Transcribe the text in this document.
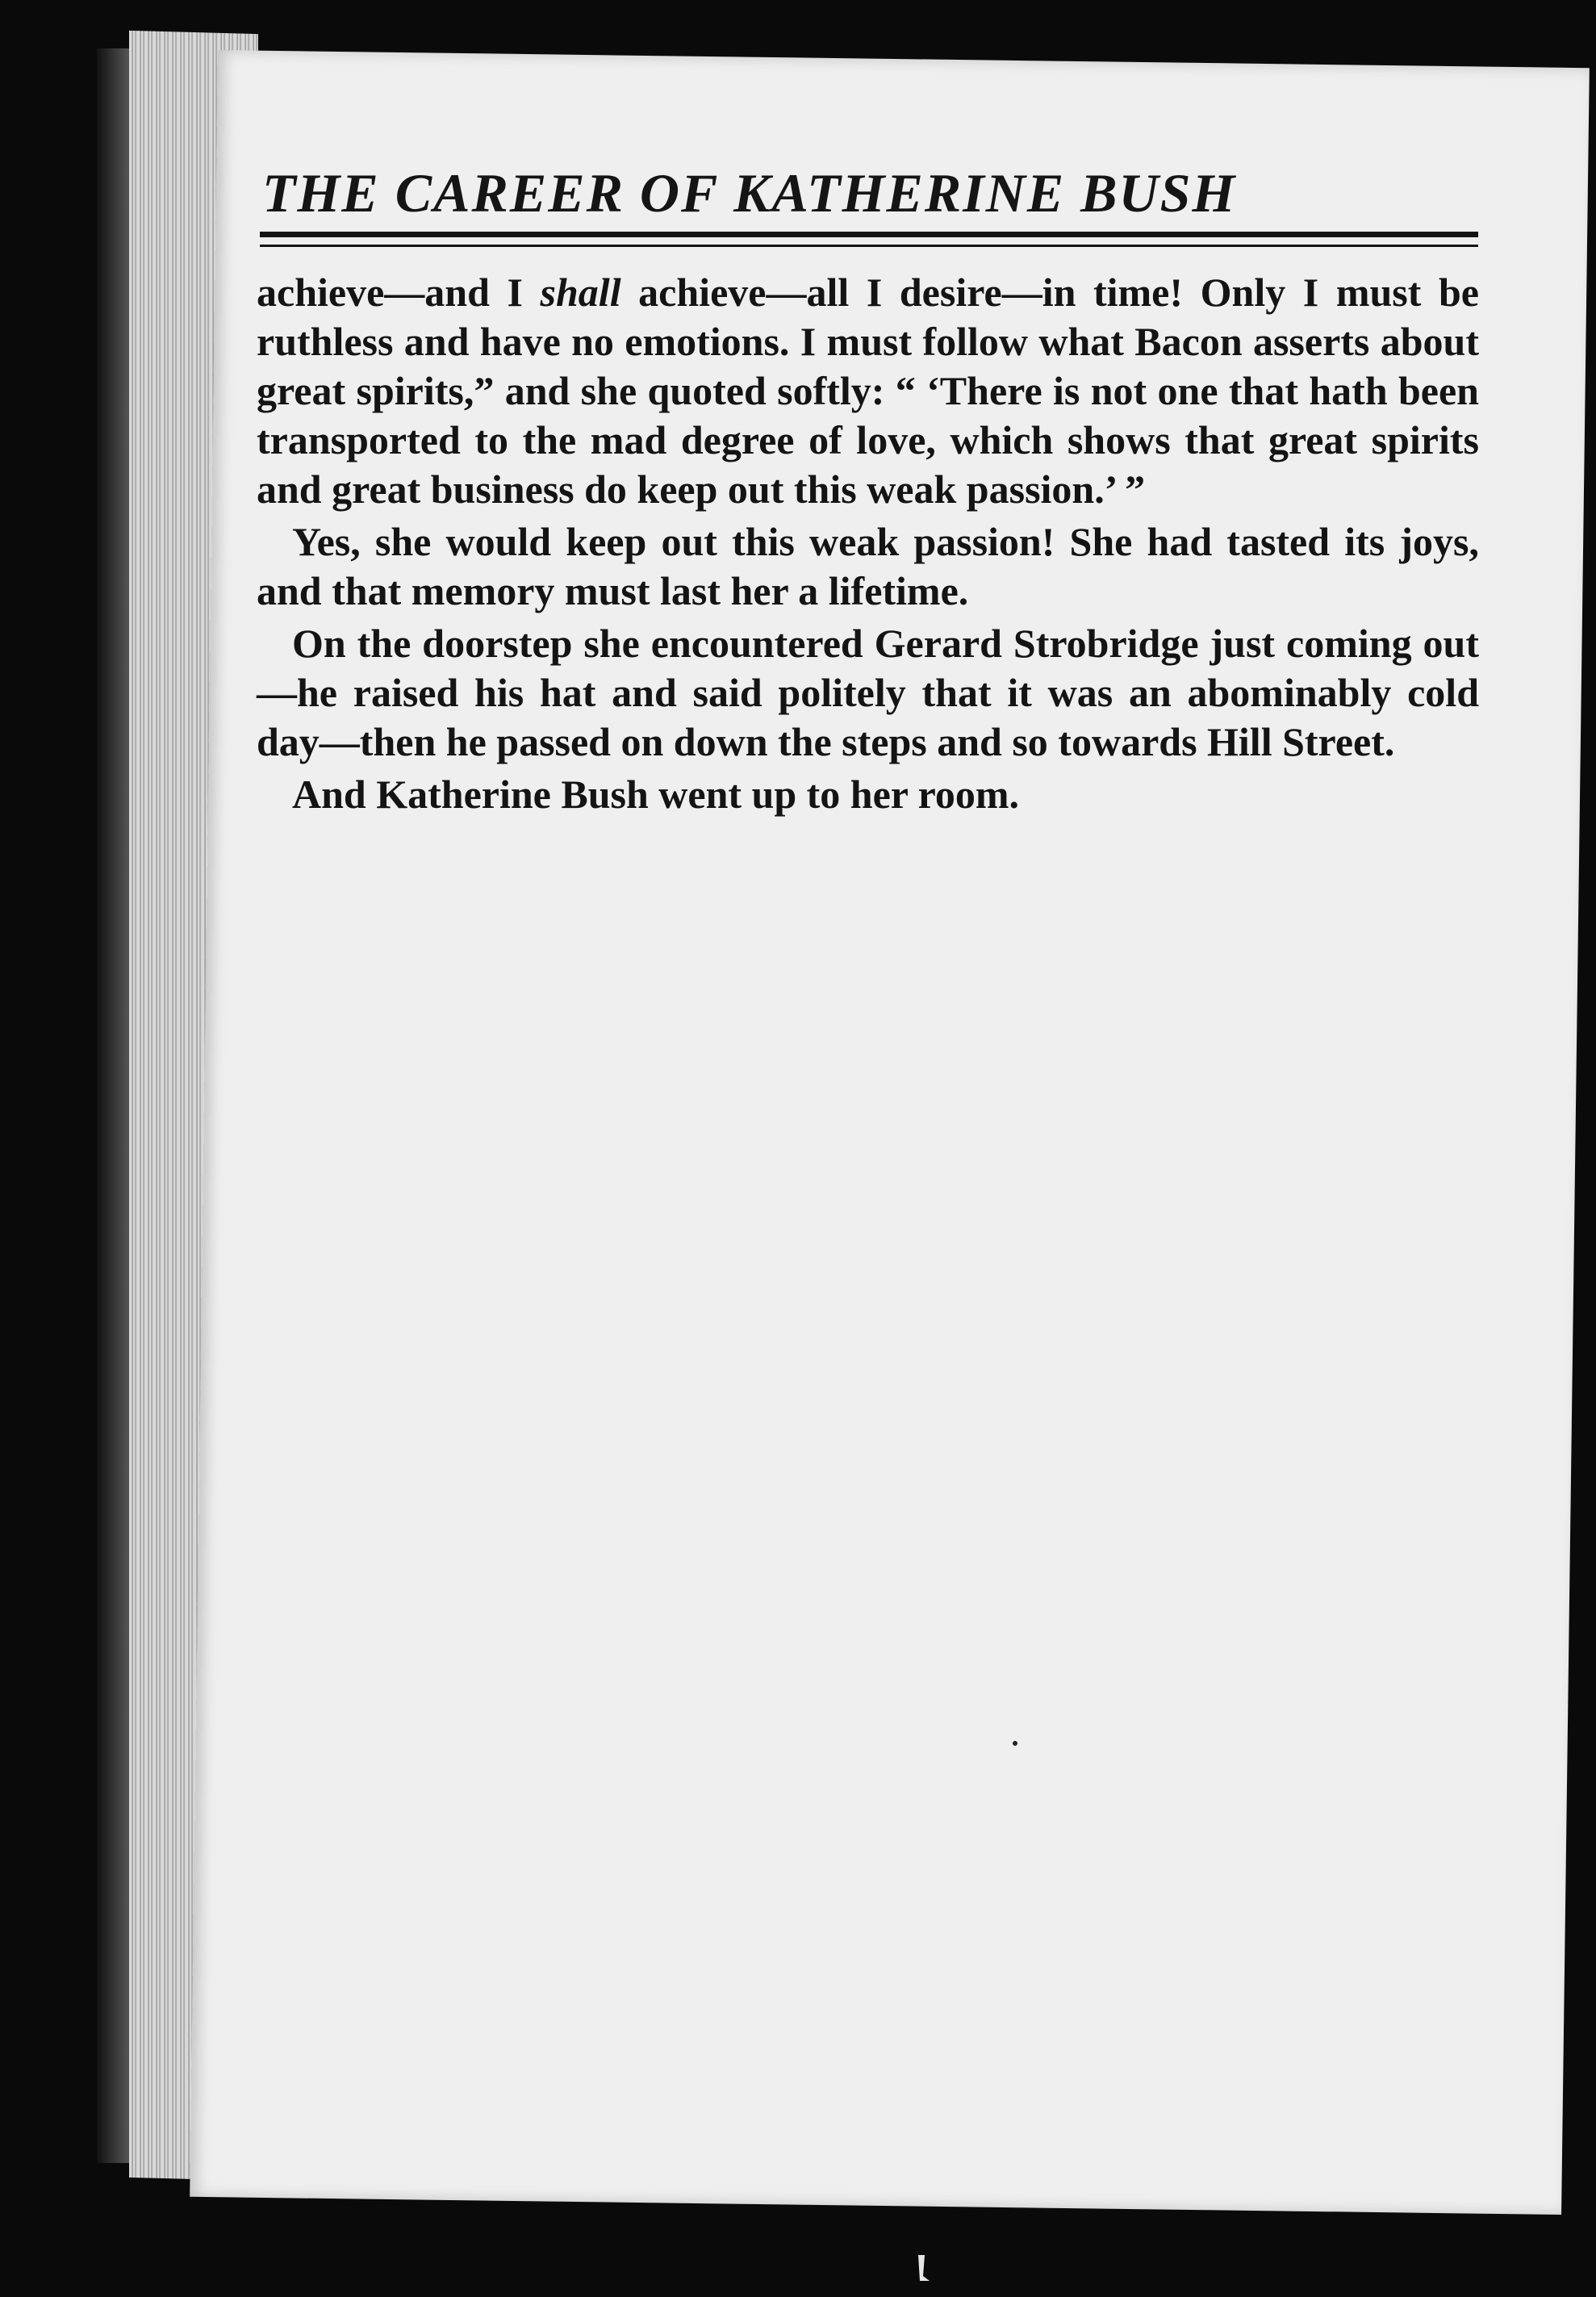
THE CAREER OF KATHERINE BUSH

achieve—and I shall achieve—all I desire—in time! Only I must be ruthless and have no emotions. I must follow what Bacon asserts about great spirits,” and she quoted softly: “ ‘There is not one that hath been transported to the mad degree of love, which shows that great spirits and great business do keep out this weak passion.’ ”

Yes, she would keep out this weak passion! She had tasted its joys, and that memory must last her a lifetime.

On the doorstep she encountered Gerard Strobridge just coming out—he raised his hat and said politely that it was an abominably cold day—then he passed on down the steps and so towards Hill Street.

And Katherine Bush went up to her room.
